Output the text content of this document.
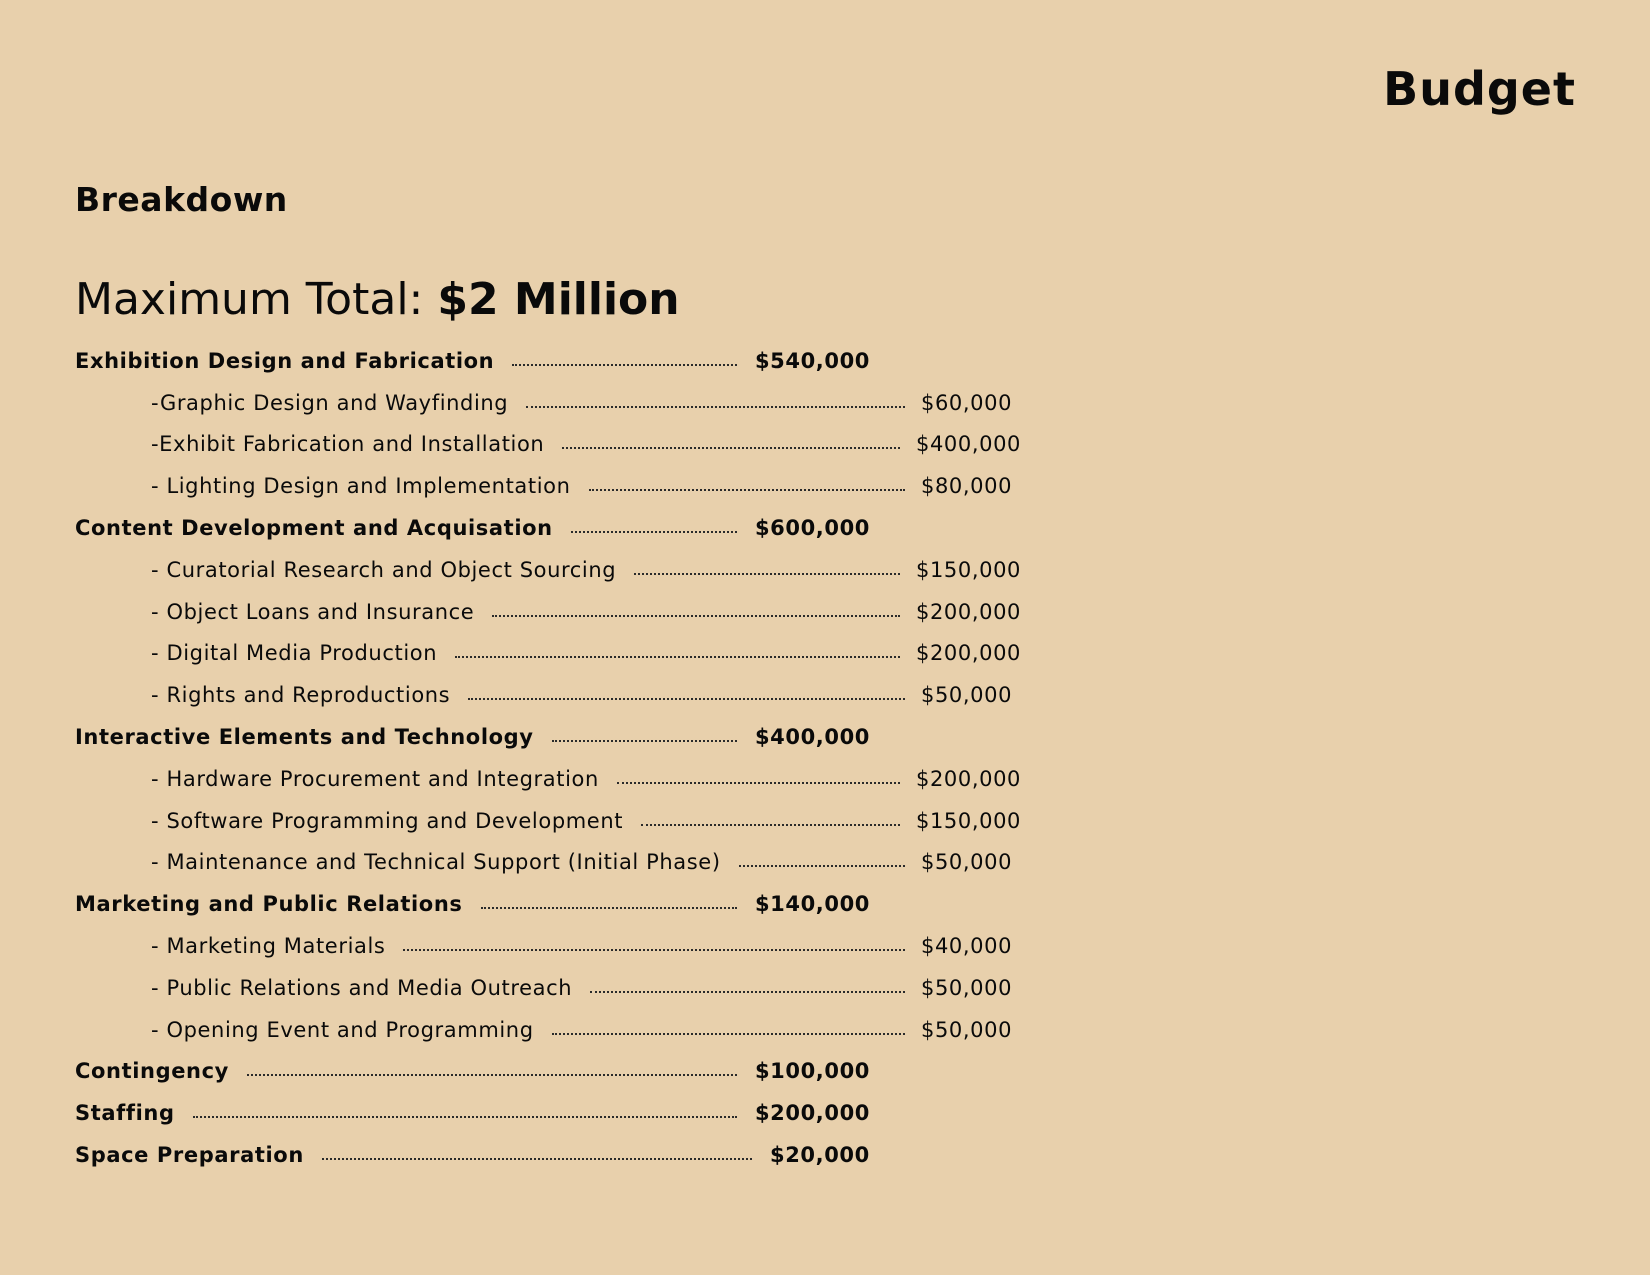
Budget
Breakdown

Maximum Total: $2 Million

Exhibition Design and Fabrication	$540,000
-Graphic Design and Wayfinding	$60,000
-Exhibit Fabrication and Installation	$400,000
- Lighting Design and Implementation	$80,000
Content Development and Acquisation	$600,000
- Curatorial Research and Object Sourcing	$150,000
- Object Loans and Insurance	$200,000
- Digital Media Production	$200,000
- Rights and Reproductions	$50,000
Interactive Elements and Technology	$400,000
- Hardware Procurement and Integration	$200,000
- Software Programming and Development	$150,000
- Maintenance and Technical Support (Initial Phase)	$50,000
Marketing and Public Relations	$140,000
- Marketing Materials	$40,000
- Public Relations and Media Outreach	$50,000
- Opening Event and Programming	$50,000
Contingency	$100,000
Staffing	$200,000
Space Preparation	$20,000
